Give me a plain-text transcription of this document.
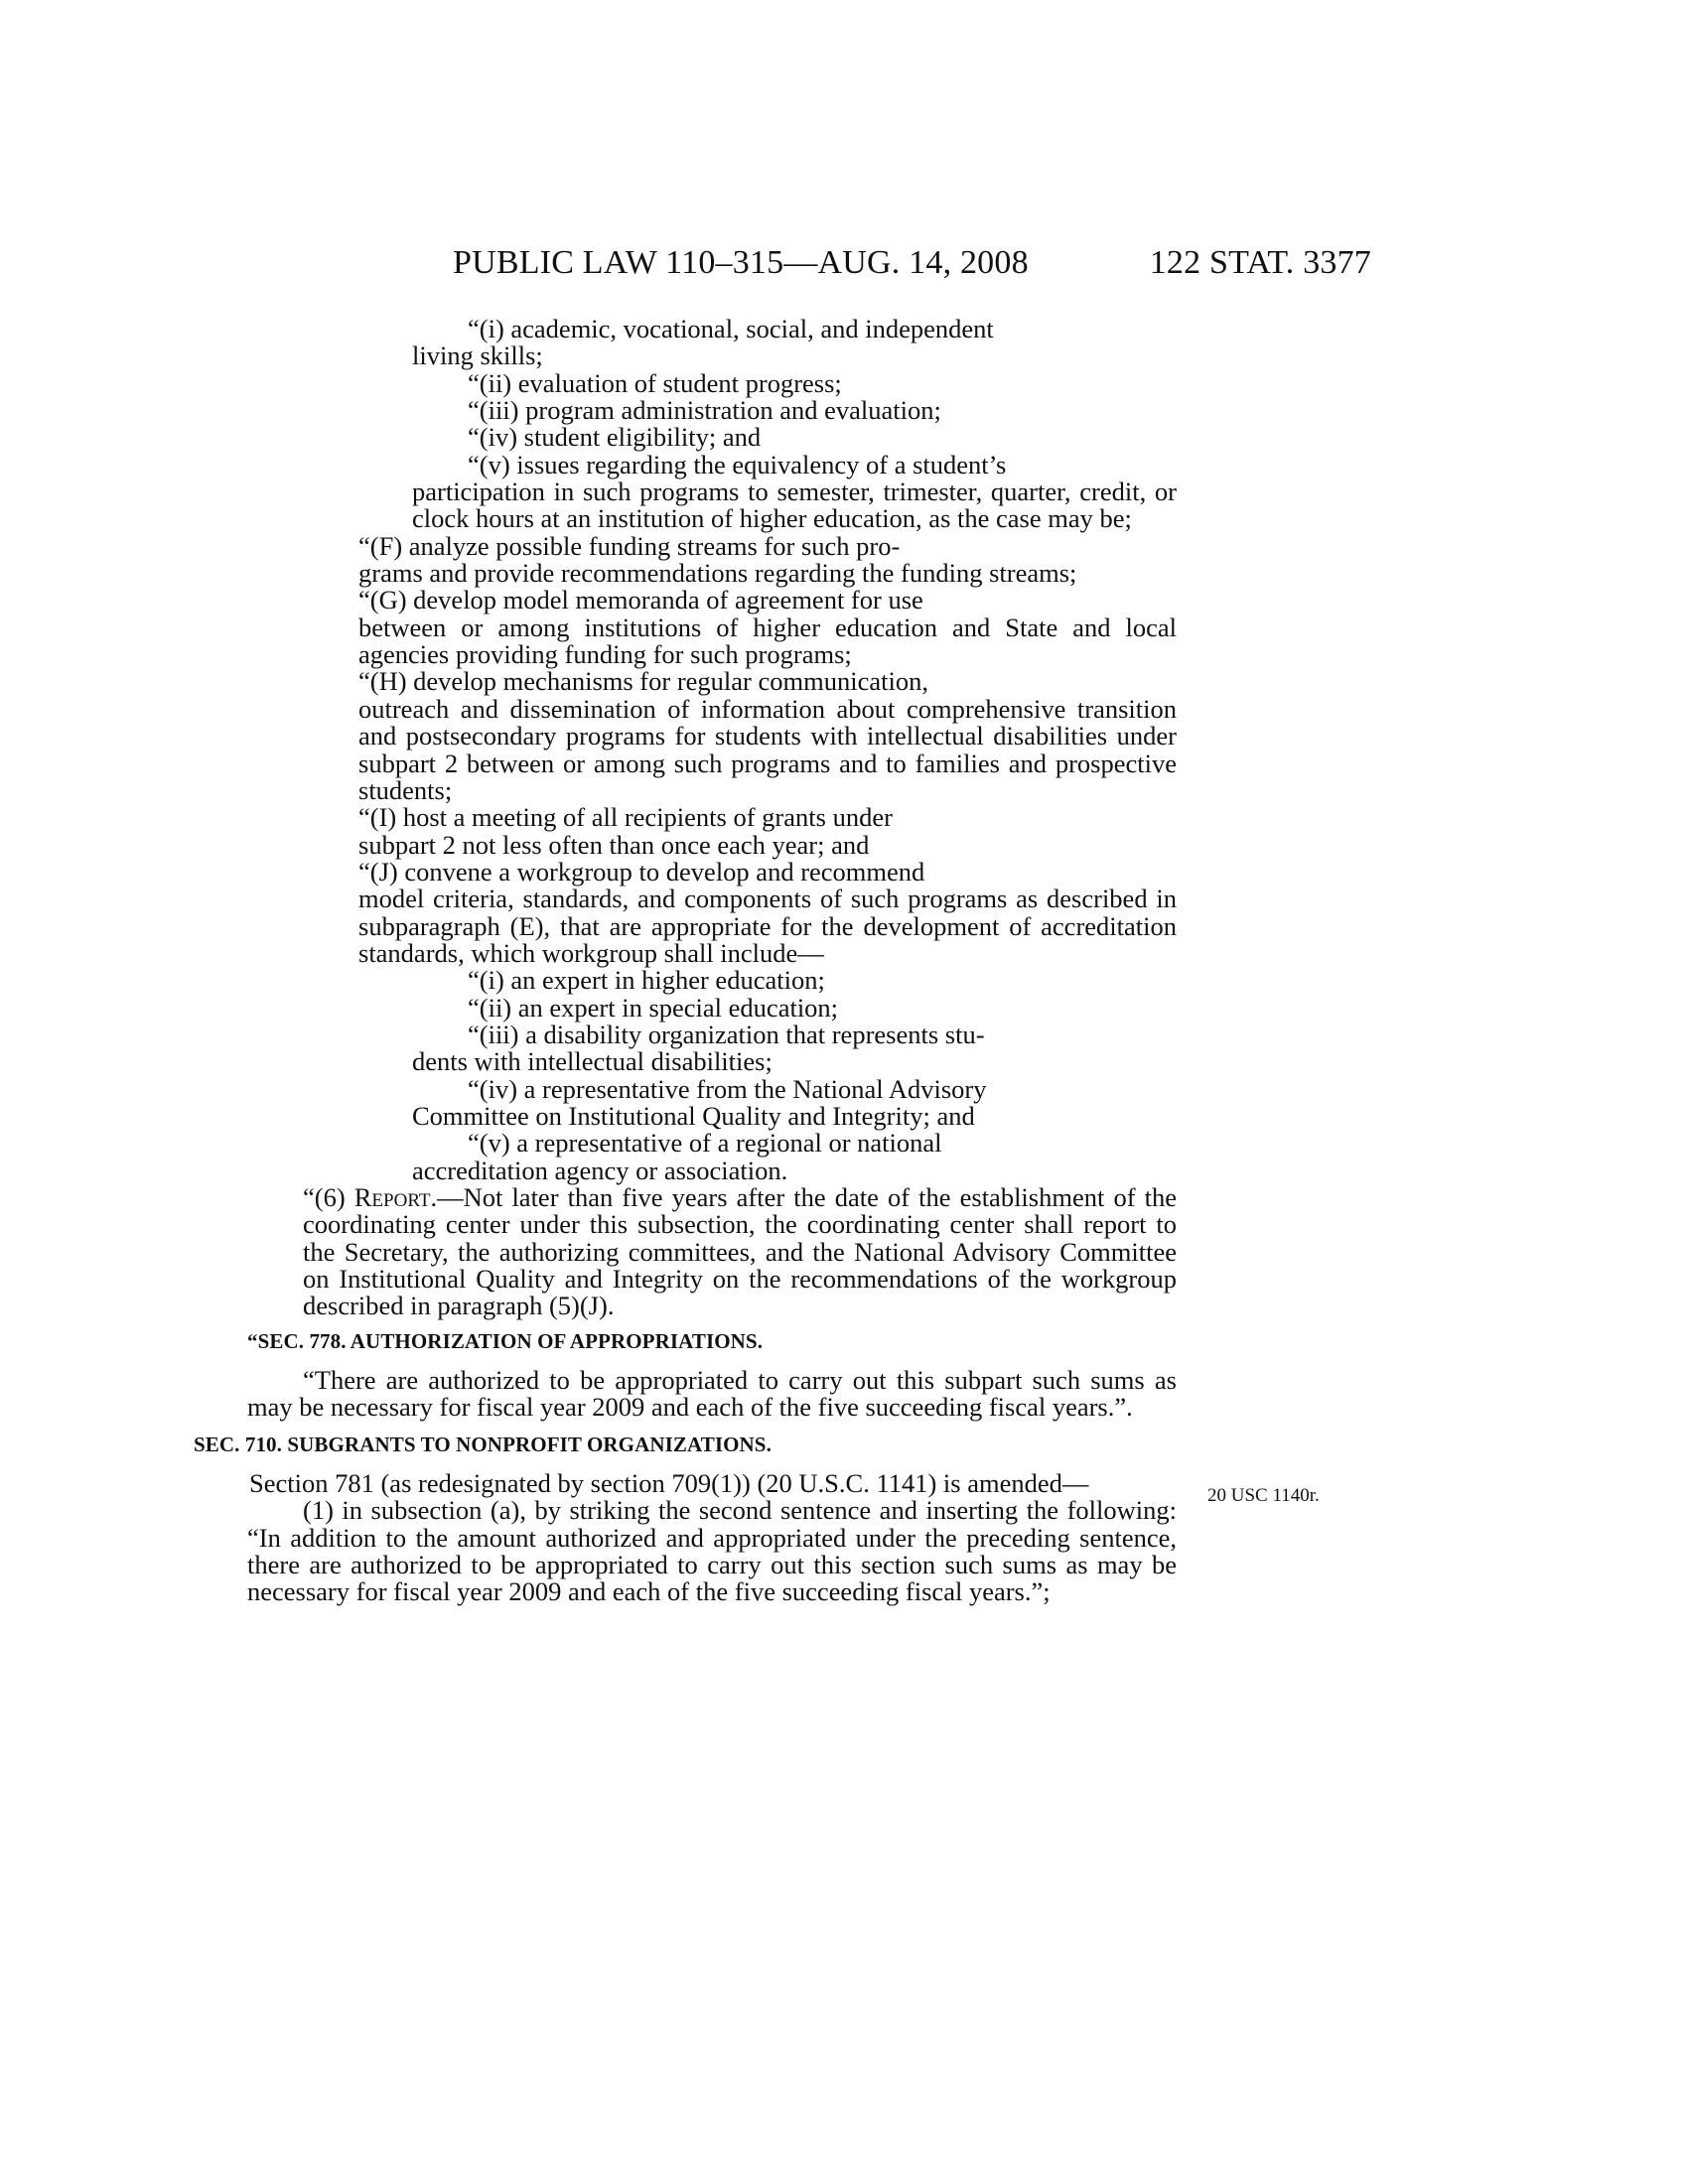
PUBLIC LAW 110–315—AUG. 14, 2008	122 STAT. 3377

“(i) academic, vocational, social, and independent

living skills;

“(ii) evaluation of student progress;

“(iii) program administration and evaluation;

“(iv) student eligibility; and

“(v) issues regarding the equivalency of a student’s

participation in such programs to semester, trimester, quarter, credit, or clock hours at an institution of higher education, as the case may be;

“(F) analyze possible funding streams for such pro-

grams and provide recommendations regarding the funding streams;

“(G) develop model memoranda of agreement for use

between or among institutions of higher education and State and local agencies providing funding for such programs;

“(H) develop mechanisms for regular communication,

outreach and dissemination of information about comprehensive transition and postsecondary programs for students with intellectual disabilities under subpart 2 between or among such programs and to families and prospective students;

“(I) host a meeting of all recipients of grants under

subpart 2 not less often than once each year; and

“(J) convene a workgroup to develop and recommend

model criteria, standards, and components of such programs as described in subparagraph (E), that are appropriate for the development of accreditation standards, which workgroup shall include—

“(i) an expert in higher education;

“(ii) an expert in special education;

“(iii) a disability organization that represents stu-

dents with intellectual disabilities;

“(iv) a representative from the National Advisory

Committee on Institutional Quality and Integrity; and

“(v) a representative of a regional or national

accreditation agency or association.

“(6) Report.—Not later than five years after the date of the establishment of the coordinating center under this subsection, the coordinating center shall report to the Secretary, the authorizing committees, and the National Advisory Committee on Institutional Quality and Integrity on the recommendations of the workgroup described in paragraph (5)(J).

“SEC. 778. AUTHORIZATION OF APPROPRIATIONS.

“There are authorized to be appropriated to carry out this subpart such sums as may be necessary for fiscal year 2009 and each of the five succeeding fiscal years.”.

SEC. 710. SUBGRANTS TO NONPROFIT ORGANIZATIONS.

Section 781 (as redesignated by section 709(1)) (20 U.S.C. 1141) is amended—

(1) in subsection (a), by striking the second sentence and inserting the following: “In addition to the amount authorized and appropriated under the preceding sentence, there are authorized to be appropriated to carry out this section such sums as may be necessary for fiscal year 2009 and each of the five succeeding fiscal years.”;

20 USC 1140r.
